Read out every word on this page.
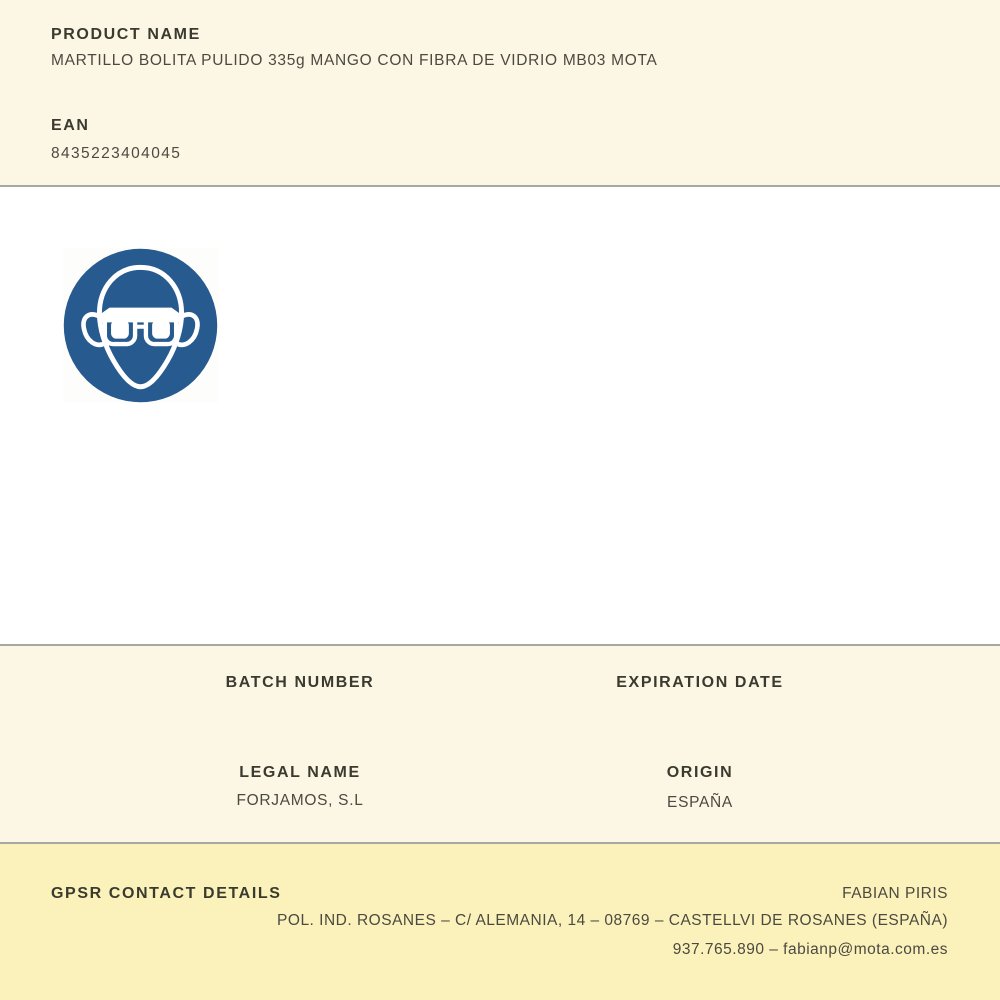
PRODUCT NAME
MARTILLO BOLITA PULIDO 335g MANGO CON FIBRA DE VIDRIO MB03 MOTA
EAN
8435223404045
BATCH NUMBER	EXPIRATION DATE
LEGAL NAME
FORJAMOS, S.L
ORIGIN
ESPAÑA
GPSR CONTACT DETAILS	FABIAN PIRIS
POL. IND. ROSANES – C/ ALEMANIA, 14 – 08769 – CASTELLVI DE ROSANES (ESPAÑA)
937.765.890 – fabianp@mota.com.es
